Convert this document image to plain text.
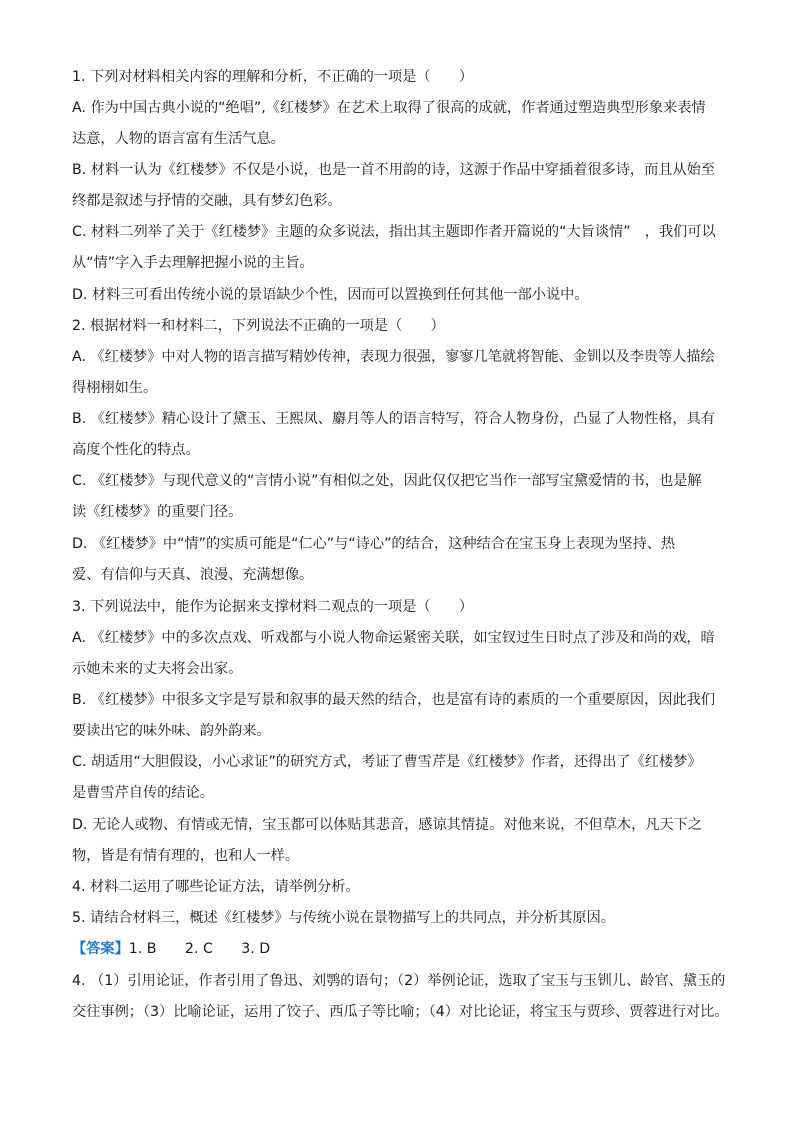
1. 下列对材料相关内容的理解和分析，不正确的一项是（　　）
A. 作为中国古典小说的“绝唱”,《红楼梦》在艺术上取得了很高的成就，作者通过塑造典型形象来表情
达意，人物的语言富有生活气息。
B. 材料一认为《红楼梦》不仅是小说，也是一首不用韵的诗，这源于作品中穿插着很多诗，而且从始至
终都是叙述与抒情的交融，具有梦幻色彩。
C. 材料二列举了关于《红楼梦》主题的众多说法，指出其主题即作者开篇说的“大旨谈情”　，我们可以
从“情”字入手去理解把握小说的主旨。
D. 材料三可看出传统小说的景语缺少个性，因而可以置换到任何其他一部小说中。
2. 根据材料一和材料二，下列说法不正确的一项是（　　）
A. 《红楼梦》中对人物的语言描写精妙传神，表现力很强，寥寥几笔就将智能、金钏以及李贵等人描绘
得栩栩如生。
B. 《红楼梦》精心设计了黛玉、王熙凤、麝月等人的语言特写，符合人物身份，凸显了人物性格，具有
高度个性化的特点。
C. 《红楼梦》与现代意义的“言情小说”有相似之处，因此仅仅把它当作一部写宝黛爱情的书，也是解
读《红楼梦》的重要门径。
D. 《红楼梦》中“情”的实质可能是“仁心”与“诗心”的结合，这种结合在宝玉身上表现为坚持、热
爱、有信仰与天真、浪漫、充满想像。
3. 下列说法中，能作为论据来支撑材料二观点的一项是（　　）
A. 《红楼梦》中的多次点戏、听戏都与小说人物命运紧密关联，如宝钗过生日时点了涉及和尚的戏，暗
示她未来的丈夫将会出家。
B. 《红楼梦》中很多文字是写景和叙事的最天然的结合，也是富有诗的素质的一个重要原因，因此我们
要读出它的味外味、韵外韵来。
C. 胡适用“大胆假设，小心求证”的研究方式，考证了曹雪芹是《红楼梦》作者，还得出了《红楼梦》
是曹雪芹自传的结论。
D. 无论人或物、有情或无情，宝玉都可以体贴其悲音，感谅其情㨗。对他来说，不但草木，凡天下之
物，皆是有情有理的，也和人一样。
4. 材料二运用了哪些论证方法，请举例分析。
5. 请结合材料三，概述《红楼梦》与传统小说在景物描写上的共同点，并分析其原因。
【答案】1. B　　2. C　　3. D
4. （1）引用论证，作者引用了鲁迅、刘鹗的语句；（2）举例论证，选取了宝玉与玉钏儿、龄官、黛玉的
交往事例；（3）比喻论证，运用了饺子、西瓜子等比喻；（4）对比论证，将宝玉与贾珍、贾蓉进行对比。
